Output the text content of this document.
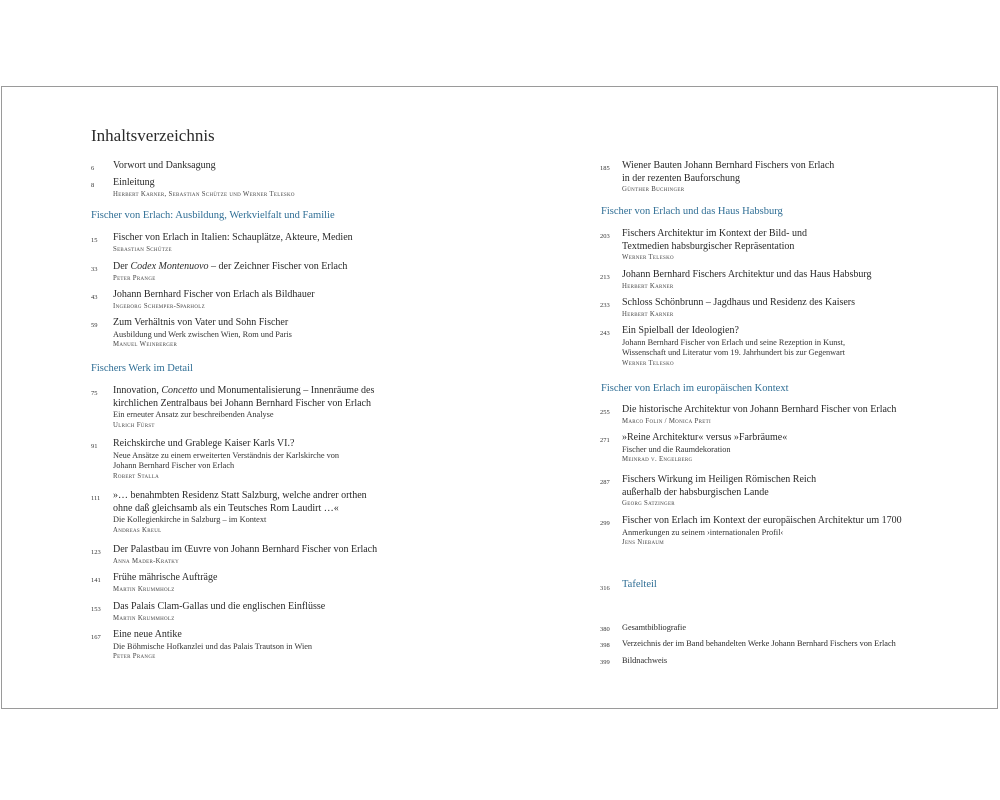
Inhaltsverzeichnis
6 Vorwort und Danksagung
8 Einleitung
Herbert Karner, Sebastian Schütze und Werner Telesko
Fischer von Erlach: Ausbildung, Werkvielfalt und Familie
15 Fischer von Erlach in Italien: Schauplätze, Akteure, Medien
Sebastian Schütze
33 Der Codex Montenuovo – der Zeichner Fischer von Erlach
Peter Prange
43 Johann Bernhard Fischer von Erlach als Bildhauer
Ingeborg Schemper-Sparholz
59 Zum Verhältnis von Vater und Sohn Fischer
Ausbildung und Werk zwischen Wien, Rom und Paris
Manuel Weinberger
Fischers Werk im Detail
75 Innovation, Concetto und Monumentalisierung – Innenräume des
kirchlichen Zentralbaus bei Johann Bernhard Fischer von Erlach
Ein erneuter Ansatz zur beschreibenden Analyse
Ulrich Fürst
91 Reichskirche und Grablege Kaiser Karls VI.?
Neue Ansätze zu einem erweiterten Verständnis der Karlskirche von
Johann Bernhard Fischer von Erlach
Robert Stalla
111 »… benahmbten Residenz Statt Salzburg, welche andrer orthen
ohne daß gleichsamb als ein Teutsches Rom Laudirt …«
Die Kollegienkirche in Salzburg – im Kontext
Andreas Kreul
123 Der Palastbau im Œuvre von Johann Bernhard Fischer von Erlach
Anna Mader-Kratky
141 Frühe mährische Aufträge
Martin Krummholz
153 Das Palais Clam-Gallas und die englischen Einflüsse
Martin Krummholz
167 Eine neue Antike
Die Böhmische Hofkanzlei und das Palais Trautson in Wien
Peter Prange
185 Wiener Bauten Johann Bernhard Fischers von Erlach
in der rezenten Bauforschung
Günther Buchinger
Fischer von Erlach und das Haus Habsburg
203 Fischers Architektur im Kontext der Bild- und
Textmedien habsburgischer Repräsentation
Werner Telesko
213 Johann Bernhard Fischers Architektur und das Haus Habsburg
Herbert Karner
233 Schloss Schönbrunn – Jagdhaus und Residenz des Kaisers
Herbert Karner
243 Ein Spielball der Ideologien?
Johann Bernhard Fischer von Erlach und seine Rezeption in Kunst,
Wissenschaft und Literatur vom 19. Jahrhundert bis zur Gegenwart
Werner Telesko
Fischer von Erlach im europäischen Kontext
255 Die historische Architektur von Johann Bernhard Fischer von Erlach
Marco Folin / Monica Preti
271 »Reine Architektur« versus »Farbräume«
Fischer und die Raumdekoration
Meinrad v. Engelberg
287 Fischers Wirkung im Heiligen Römischen Reich
außerhalb der habsburgischen Lande
Georg Satzinger
299 Fischer von Erlach im Kontext der europäischen Architektur um 1700
Anmerkungen zu seinem ›internationalen Profil‹
Jens Niebaum
316 Tafelteil
380 Gesamtbibliografie
398 Verzeichnis der im Band behandelten Werke Johann Bernhard Fischers von Erlach
399 Bildnachweis
